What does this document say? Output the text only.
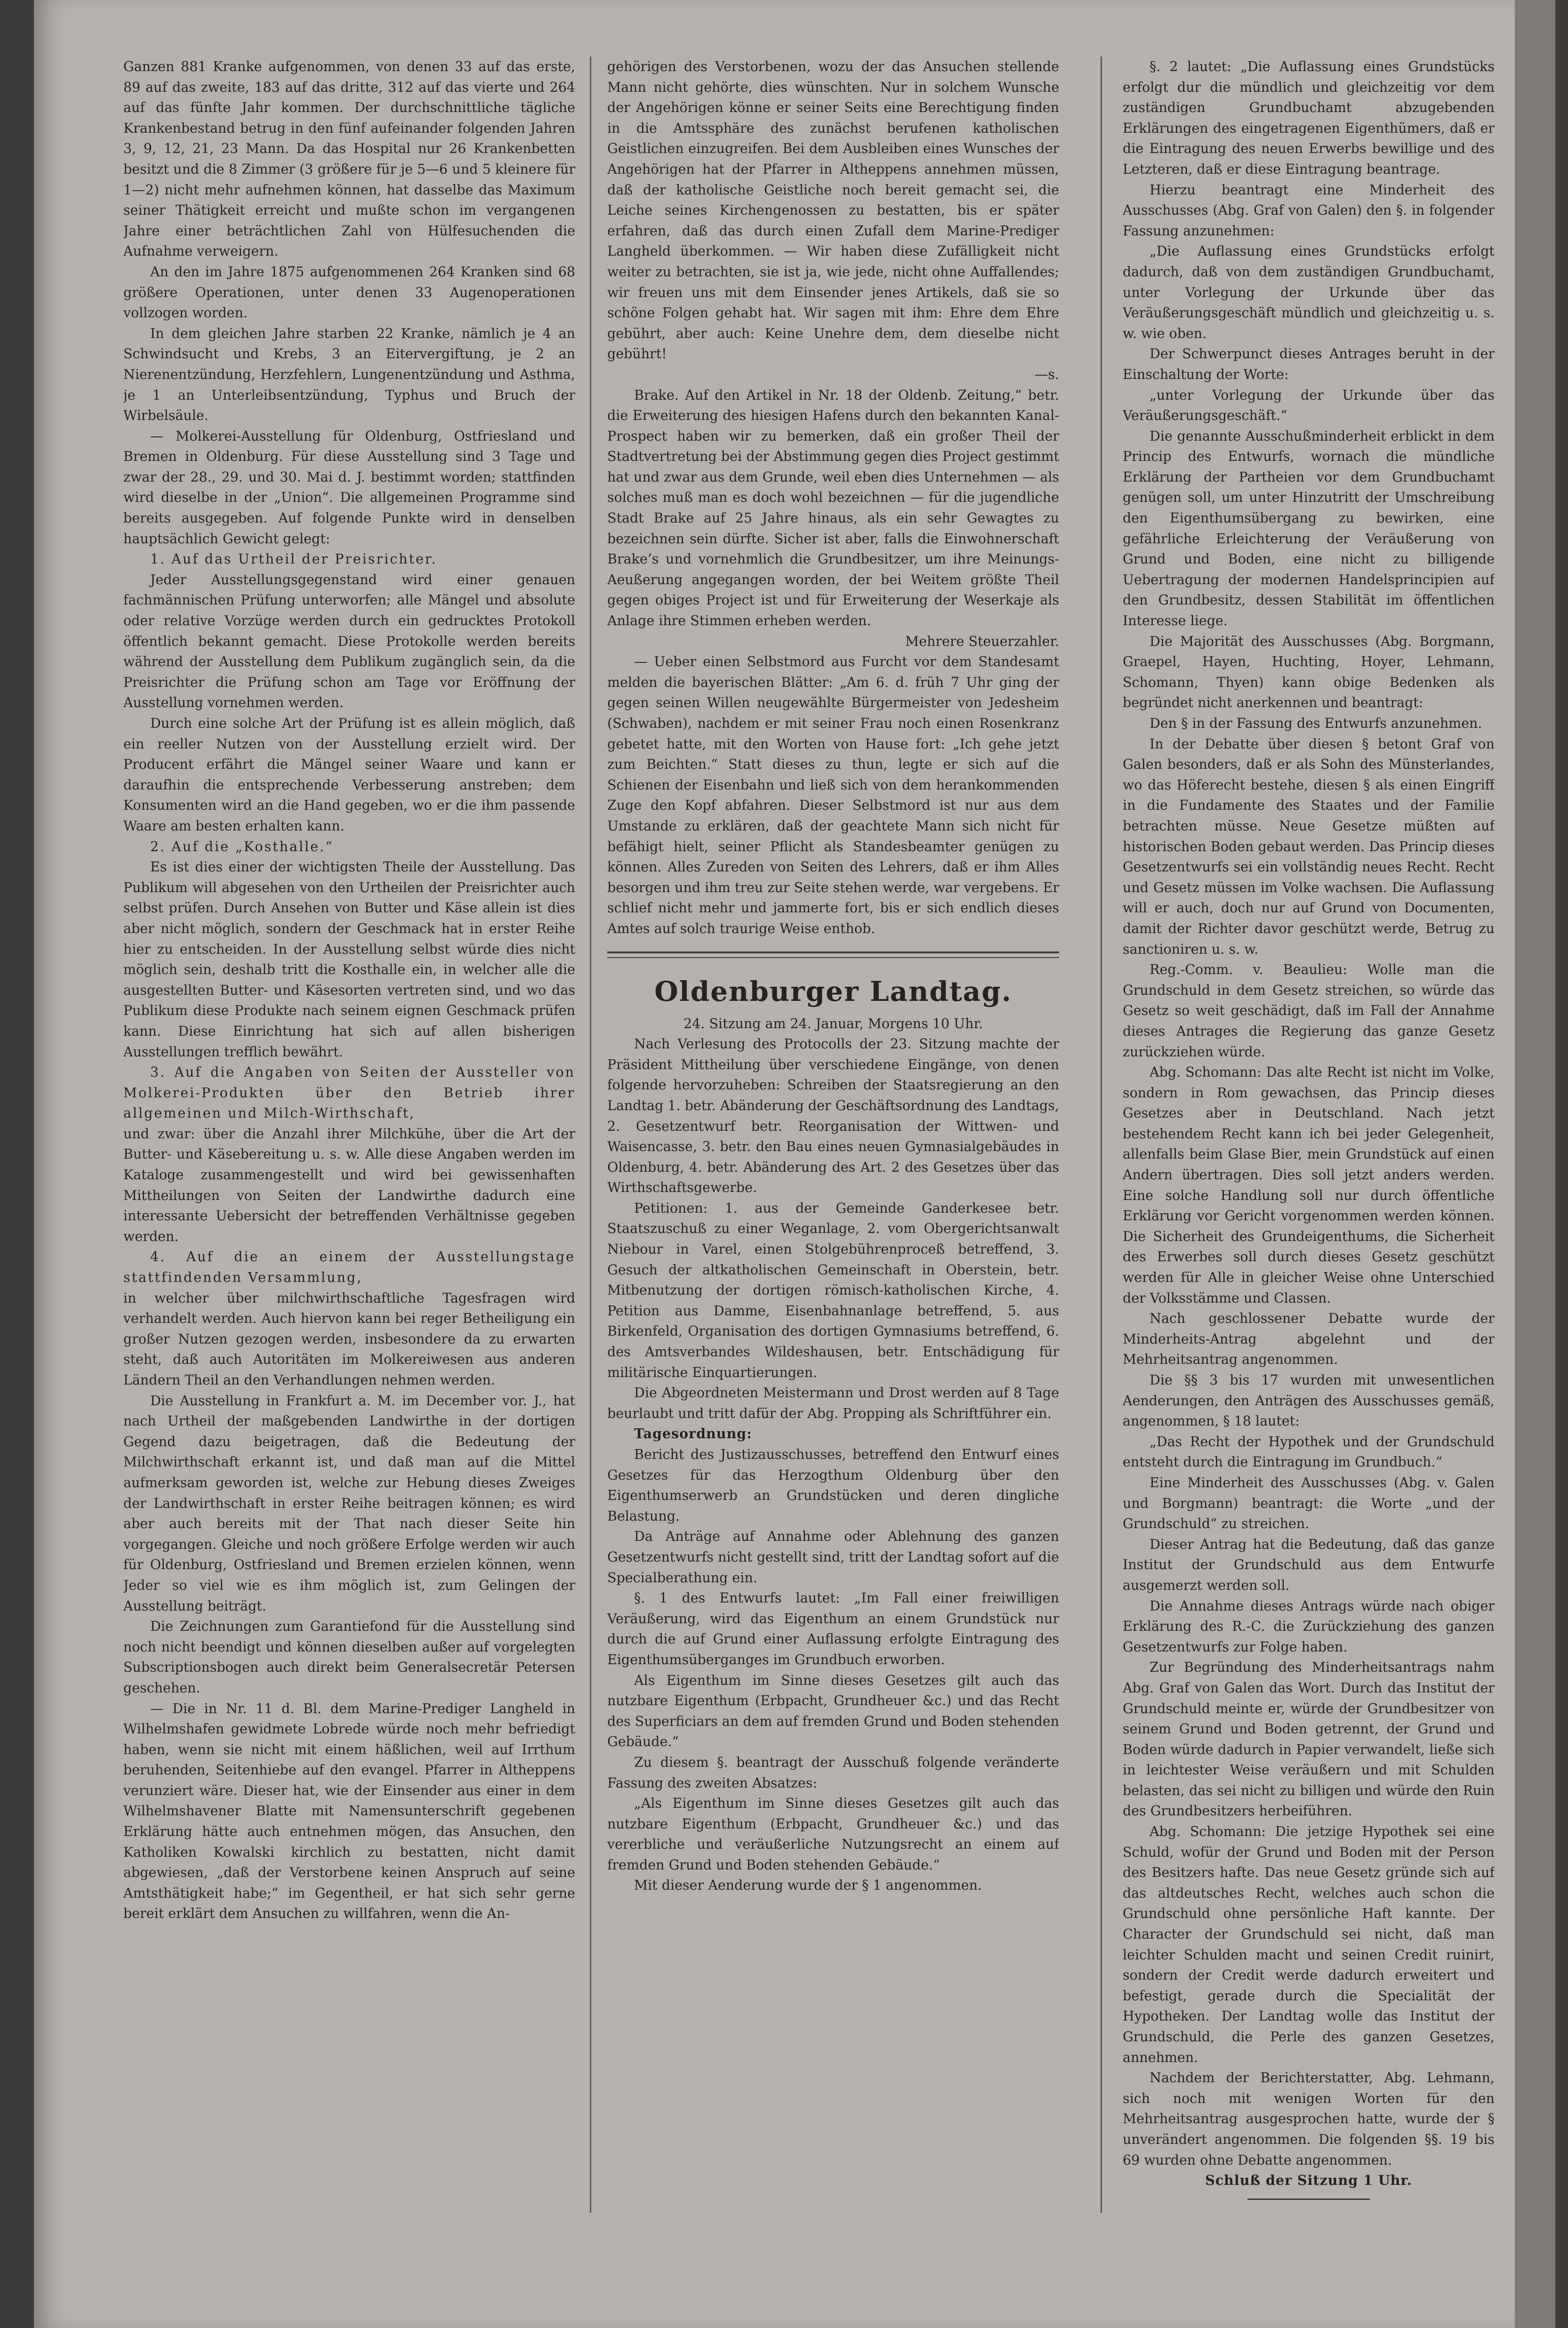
Ganzen 881 Kranke aufgenommen, von denen 33 auf das erste, 89 auf das zweite, 183 auf das dritte, 312 auf das vierte und 264 auf das fünfte Jahr kommen. Der durchschnittliche tägliche Krankenbestand betrug in den fünf aufeinander folgenden Jahren 3, 9, 12, 21, 23 Mann. Da das Hospital nur 26 Krankenbetten besitzt und die 8 Zimmer (3 größere für je 5—6 und 5 kleinere für 1—2) nicht mehr aufnehmen können, hat dasselbe das Maximum seiner Thätigkeit erreicht und mußte schon im vergangenen Jahre einer beträchtlichen Zahl von Hülfesuchenden die Aufnahme verweigern.

An den im Jahre 1875 aufgenommenen 264 Kranken sind 68 größere Operationen, unter denen 33 Augenoperationen vollzogen worden.

In dem gleichen Jahre starben 22 Kranke, nämlich je 4 an Schwindsucht und Krebs, 3 an Eitervergiftung, je 2 an Nierenentzündung, Herzfehlern, Lungenentzündung und Asthma, je 1 an Unterleibsentzündung, Typhus und Bruch der Wirbelsäule.

— Molkerei-Ausstellung für Oldenburg, Ostfriesland und Bremen in Oldenburg. Für diese Ausstellung sind 3 Tage und zwar der 28., 29. und 30. Mai d. J. bestimmt worden; stattfinden wird dieselbe in der „Union“. Die allgemeinen Programme sind bereits ausgegeben. Auf folgende Punkte wird in denselben hauptsächlich Gewicht gelegt:

1. Auf das Urtheil der Preisrichter.

Jeder Ausstellungsgegenstand wird einer genauen fachmännischen Prüfung unterworfen; alle Mängel und absolute oder relative Vorzüge werden durch ein gedrucktes Protokoll öffentlich bekannt gemacht. Diese Protokolle werden bereits während der Ausstellung dem Publikum zugänglich sein, da die Preisrichter die Prüfung schon am Tage vor Eröffnung der Ausstellung vornehmen werden.

Durch eine solche Art der Prüfung ist es allein möglich, daß ein reeller Nutzen von der Ausstellung erzielt wird. Der Producent erfährt die Mängel seiner Waare und kann er daraufhin die entsprechende Verbesserung anstreben; dem Konsumenten wird an die Hand gegeben, wo er die ihm passende Waare am besten erhalten kann.

2. Auf die „Kosthalle.“

Es ist dies einer der wichtigsten Theile der Ausstellung. Das Publikum will abgesehen von den Urtheilen der Preisrichter auch selbst prüfen. Durch Ansehen von Butter und Käse allein ist dies aber nicht möglich, sondern der Geschmack hat in erster Reihe hier zu entscheiden. In der Ausstellung selbst würde dies nicht möglich sein, deshalb tritt die Kosthalle ein, in welcher alle die ausgestellten Butter- und Käsesorten vertreten sind, und wo das Publikum diese Produkte nach seinem eignen Geschmack prüfen kann. Diese Einrichtung hat sich auf allen bisherigen Ausstellungen trefflich bewährt.

3. Auf die Angaben von Seiten der Aussteller von Molkerei-Produkten über den Betrieb ihrer allgemeinen und Milch-Wirthschaft,

und zwar: über die Anzahl ihrer Milchkühe, über die Art der Butter- und Käsebereitung u. s. w. Alle diese Angaben werden im Kataloge zusammengestellt und wird bei gewissenhaften Mittheilungen von Seiten der Landwirthe dadurch eine interessante Uebersicht der betreffenden Verhältnisse gegeben werden.

4. Auf die an einem der Ausstellungstage stattfindenden Versammlung,

in welcher über milchwirthschaftliche Tagesfragen wird verhandelt werden. Auch hiervon kann bei reger Betheiligung ein großer Nutzen gezogen werden, insbesondere da zu erwarten steht, daß auch Autoritäten im Molkereiwesen aus anderen Ländern Theil an den Verhandlungen nehmen werden.

Die Ausstellung in Frankfurt a. M. im December vor. J., hat nach Urtheil der maßgebenden Landwirthe in der dortigen Gegend dazu beigetragen, daß die Bedeutung der Milchwirthschaft erkannt ist, und daß man auf die Mittel aufmerksam geworden ist, welche zur Hebung dieses Zweiges der Landwirthschaft in erster Reihe beitragen können; es wird aber auch bereits mit der That nach dieser Seite hin vorgegangen. Gleiche und noch größere Erfolge werden wir auch für Oldenburg, Ostfriesland und Bremen erzielen können, wenn Jeder so viel wie es ihm möglich ist, zum Gelingen der Ausstellung beiträgt.

Die Zeichnungen zum Garantiefond für die Ausstellung sind noch nicht beendigt und können dieselben außer auf vorgelegten Subscriptionsbogen auch direkt beim Generalsecretär Petersen geschehen.

— Die in Nr. 11 d. Bl. dem Marine-Prediger Langheld in Wilhelmshafen gewidmete Lobrede würde noch mehr befriedigt haben, wenn sie nicht mit einem häßlichen, weil auf Irrthum beruhenden, Seitenhiebe auf den evangel. Pfarrer in Altheppens verunziert wäre. Dieser hat, wie der Einsender aus einer in dem Wilhelmshavener Blatte mit Namensunterschrift gegebenen Erklärung hätte auch entnehmen mögen, das Ansuchen, den Katholiken Kowalski kirchlich zu bestatten, nicht damit abgewiesen, „daß der Verstorbene keinen Anspruch auf seine Amtsthätigkeit habe;“ im Gegentheil, er hat sich sehr gerne bereit erklärt dem Ansuchen zu willfahren, wenn die An-

gehörigen des Verstorbenen, wozu der das Ansuchen stellende Mann nicht gehörte, dies wünschten. Nur in solchem Wunsche der Angehörigen könne er seiner Seits eine Berechtigung finden in die Amtssphäre des zunächst berufenen katholischen Geistlichen einzugreifen. Bei dem Ausbleiben eines Wunsches der Angehörigen hat der Pfarrer in Altheppens annehmen müssen, daß der katholische Geistliche noch bereit gemacht sei, die Leiche seines Kirchengenossen zu bestatten, bis er später erfahren, daß das durch einen Zufall dem Marine-Prediger Langheld überkommen. — Wir haben diese Zufälligkeit nicht weiter zu betrachten, sie ist ja, wie jede, nicht ohne Auffallendes; wir freuen uns mit dem Einsender jenes Artikels, daß sie so schöne Folgen gehabt hat. Wir sagen mit ihm: Ehre dem Ehre gebührt, aber auch: Keine Unehre dem, dem dieselbe nicht gebührt!

—s.

Brake. Auf den Artikel in Nr. 18 der Oldenb. Zeitung,“ betr. die Erweiterung des hiesigen Hafens durch den bekannten Kanal-Prospect haben wir zu bemerken, daß ein großer Theil der Stadtvertretung bei der Abstimmung gegen dies Project gestimmt hat und zwar aus dem Grunde, weil eben dies Unternehmen — als solches muß man es doch wohl bezeichnen — für die jugendliche Stadt Brake auf 25 Jahre hinaus, als ein sehr Gewagtes zu bezeichnen sein dürfte. Sicher ist aber, falls die Einwohnerschaft Brake’s und vornehmlich die Grundbesitzer, um ihre Meinungs-Aeußerung angegangen worden, der bei Weitem größte Theil gegen obiges Project ist und für Erweiterung der Weserkaje als Anlage ihre Stimmen erheben werden.

Mehrere Steuerzahler.

— Ueber einen Selbstmord aus Furcht vor dem Standesamt melden die bayerischen Blätter: „Am 6. d. früh 7 Uhr ging der gegen seinen Willen neugewählte Bürgermeister von Jedesheim (Schwaben), nachdem er mit seiner Frau noch einen Rosenkranz gebetet hatte, mit den Worten von Hause fort: „Ich gehe jetzt zum Beichten.“ Statt dieses zu thun, legte er sich auf die Schienen der Eisenbahn und ließ sich von dem herankommenden Zuge den Kopf abfahren. Dieser Selbstmord ist nur aus dem Umstande zu erklären, daß der geachtete Mann sich nicht für befähigt hielt, seiner Pflicht als Standesbeamter genügen zu können. Alles Zureden von Seiten des Lehrers, daß er ihm Alles besorgen und ihm treu zur Seite stehen werde, war vergebens. Er schlief nicht mehr und jammerte fort, bis er sich endlich dieses Amtes auf solch traurige Weise enthob.

Oldenburger Landtag.

24. Sitzung am 24. Januar, Morgens 10 Uhr.

Nach Verlesung des Protocolls der 23. Sitzung machte der Präsident Mittheilung über verschiedene Eingänge, von denen folgende hervorzuheben: Schreiben der Staatsregierung an den Landtag 1. betr. Abänderung der Geschäftsordnung des Landtags, 2. Gesetzentwurf betr. Reorganisation der Wittwen- und Waisencasse, 3. betr. den Bau eines neuen Gymnasialgebäudes in Oldenburg, 4. betr. Abänderung des Art. 2 des Gesetzes über das Wirthschaftsgewerbe.

Petitionen: 1. aus der Gemeinde Ganderkesee betr. Staatszuschuß zu einer Weganlage, 2. vom Obergerichtsanwalt Niebour in Varel, einen Stolgebührenproceß betreffend, 3. Gesuch der altkatholischen Gemeinschaft in Oberstein, betr. Mitbenutzung der dortigen römisch-katholischen Kirche, 4. Petition aus Damme, Eisenbahnanlage betreffend, 5. aus Birkenfeld, Organisation des dortigen Gymnasiums betreffend, 6. des Amtsverbandes Wildeshausen, betr. Entschädigung für militärische Einquartierungen.

Die Abgeordneten Meistermann und Drost werden auf 8 Tage beurlaubt und tritt dafür der Abg. Propping als Schriftführer ein.

Tagesordnung:

Bericht des Justizausschusses, betreffend den Entwurf eines Gesetzes für das Herzogthum Oldenburg über den Eigenthumserwerb an Grundstücken und deren dingliche Belastung.

Da Anträge auf Annahme oder Ablehnung des ganzen Gesetzentwurfs nicht gestellt sind, tritt der Landtag sofort auf die Specialberathung ein.

§. 1 des Entwurfs lautet: „Im Fall einer freiwilligen Veräußerung, wird das Eigenthum an einem Grundstück nur durch die auf Grund einer Auflassung erfolgte Eintragung des Eigenthumsüberganges im Grundbuch erworben.

Als Eigenthum im Sinne dieses Gesetzes gilt auch das nutzbare Eigenthum (Erbpacht, Grundheuer &c.) und das Recht des Superficiars an dem auf fremden Grund und Boden stehenden Gebäude.“

Zu diesem §. beantragt der Ausschuß folgende veränderte Fassung des zweiten Absatzes:

„Als Eigenthum im Sinne dieses Gesetzes gilt auch das nutzbare Eigenthum (Erbpacht, Grundheuer &c.) und das vererbliche und veräußerliche Nutzungsrecht an einem auf fremden Grund und Boden stehenden Gebäude.“

Mit dieser Aenderung wurde der § 1 angenommen.

§. 2 lautet: „Die Auflassung eines Grundstücks erfolgt dur die mündlich und gleichzeitig vor dem zuständigen Grundbuchamt abzugebenden Erklärungen des eingetragenen Eigenthümers, daß er die Eintragung des neuen Erwerbs bewillige und des Letzteren, daß er diese Eintragung beantrage.

Hierzu beantragt eine Minderheit des Ausschusses (Abg. Graf von Galen) den §. in folgender Fassung anzunehmen:

„Die Auflassung eines Grundstücks erfolgt dadurch, daß von dem zuständigen Grundbuchamt, unter Vorlegung der Urkunde über das Veräußerungsgeschäft mündlich und gleichzeitig u. s. w. wie oben.

Der Schwerpunct dieses Antrages beruht in der Einschaltung der Worte:

„unter Vorlegung der Urkunde über das Veräußerungsgeschäft.“

Die genannte Ausschußminderheit erblickt in dem Princip des Entwurfs, wornach die mündliche Erklärung der Partheien vor dem Grundbuchamt genügen soll, um unter Hinzutritt der Umschreibung den Eigenthumsübergang zu bewirken, eine gefährliche Erleichterung der Veräußerung von Grund und Boden, eine nicht zu billigende Uebertragung der modernen Handelsprincipien auf den Grundbesitz, dessen Stabilität im öffentlichen Interesse liege.

Die Majorität des Ausschusses (Abg. Borgmann, Graepel, Hayen, Huchting, Hoyer, Lehmann, Schomann, Thyen) kann obige Bedenken als begründet nicht anerkennen und beantragt:

Den § in der Fassung des Entwurfs anzunehmen.

In der Debatte über diesen § betont Graf von Galen besonders, daß er als Sohn des Münsterlandes, wo das Höferecht bestehe, diesen § als einen Eingriff in die Fundamente des Staates und der Familie betrachten müsse. Neue Gesetze müßten auf historischen Boden gebaut werden. Das Princip dieses Gesetzentwurfs sei ein vollständig neues Recht. Recht und Gesetz müssen im Volke wachsen. Die Auflassung will er auch, doch nur auf Grund von Documenten, damit der Richter davor geschützt werde, Betrug zu sanctioniren u. s. w.

Reg.-Comm. v. Beaulieu: Wolle man die Grundschuld in dem Gesetz streichen, so würde das Gesetz so weit geschädigt, daß im Fall der Annahme dieses Antrages die Regierung das ganze Gesetz zurückziehen würde.

Abg. Schomann: Das alte Recht ist nicht im Volke, sondern in Rom gewachsen, das Princip dieses Gesetzes aber in Deutschland. Nach jetzt bestehendem Recht kann ich bei jeder Gelegenheit, allenfalls beim Glase Bier, mein Grundstück auf einen Andern übertragen. Dies soll jetzt anders werden. Eine solche Handlung soll nur durch öffentliche Erklärung vor Gericht vorgenommen werden können. Die Sicherheit des Grundeigenthums, die Sicherheit des Erwerbes soll durch dieses Gesetz geschützt werden für Alle in gleicher Weise ohne Unterschied der Volksstämme und Classen.

Nach geschlossener Debatte wurde der Minderheits-Antrag abgelehnt und der Mehrheitsantrag angenommen.

Die §§ 3 bis 17 wurden mit unwesentlichen Aenderungen, den Anträgen des Ausschusses gemäß, angenommen, § 18 lautet:

„Das Recht der Hypothek und der Grundschuld entsteht durch die Eintragung im Grundbuch.“

Eine Minderheit des Ausschusses (Abg. v. Galen und Borgmann) beantragt: die Worte „und der Grundschuld“ zu streichen.

Dieser Antrag hat die Bedeutung, daß das ganze Institut der Grundschuld aus dem Entwurfe ausgemerzt werden soll.

Die Annahme dieses Antrags würde nach obiger Erklärung des R.-C. die Zurückziehung des ganzen Gesetzentwurfs zur Folge haben.

Zur Begründung des Minderheitsantrags nahm Abg. Graf von Galen das Wort. Durch das Institut der Grundschuld meinte er, würde der Grundbesitzer von seinem Grund und Boden getrennt, der Grund und Boden würde dadurch in Papier verwandelt, ließe sich in leichtester Weise veräußern und mit Schulden belasten, das sei nicht zu billigen und würde den Ruin des Grundbesitzers herbeiführen.

Abg. Schomann: Die jetzige Hypothek sei eine Schuld, wofür der Grund und Boden mit der Person des Besitzers hafte. Das neue Gesetz gründe sich auf das altdeutsches Recht, welches auch schon die Grundschuld ohne persönliche Haft kannte. Der Character der Grundschuld sei nicht, daß man leichter Schulden macht und seinen Credit ruinirt, sondern der Credit werde dadurch erweitert und befestigt, gerade durch die Specialität der Hypotheken. Der Landtag wolle das Institut der Grundschuld, die Perle des ganzen Gesetzes, annehmen.

Nachdem der Berichterstatter, Abg. Lehmann, sich noch mit wenigen Worten für den Mehrheitsantrag ausgesprochen hatte, wurde der § unverändert angenommen. Die folgenden §§. 19 bis 69 wurden ohne Debatte angenommen.

Schluß der Sitzung 1 Uhr.
